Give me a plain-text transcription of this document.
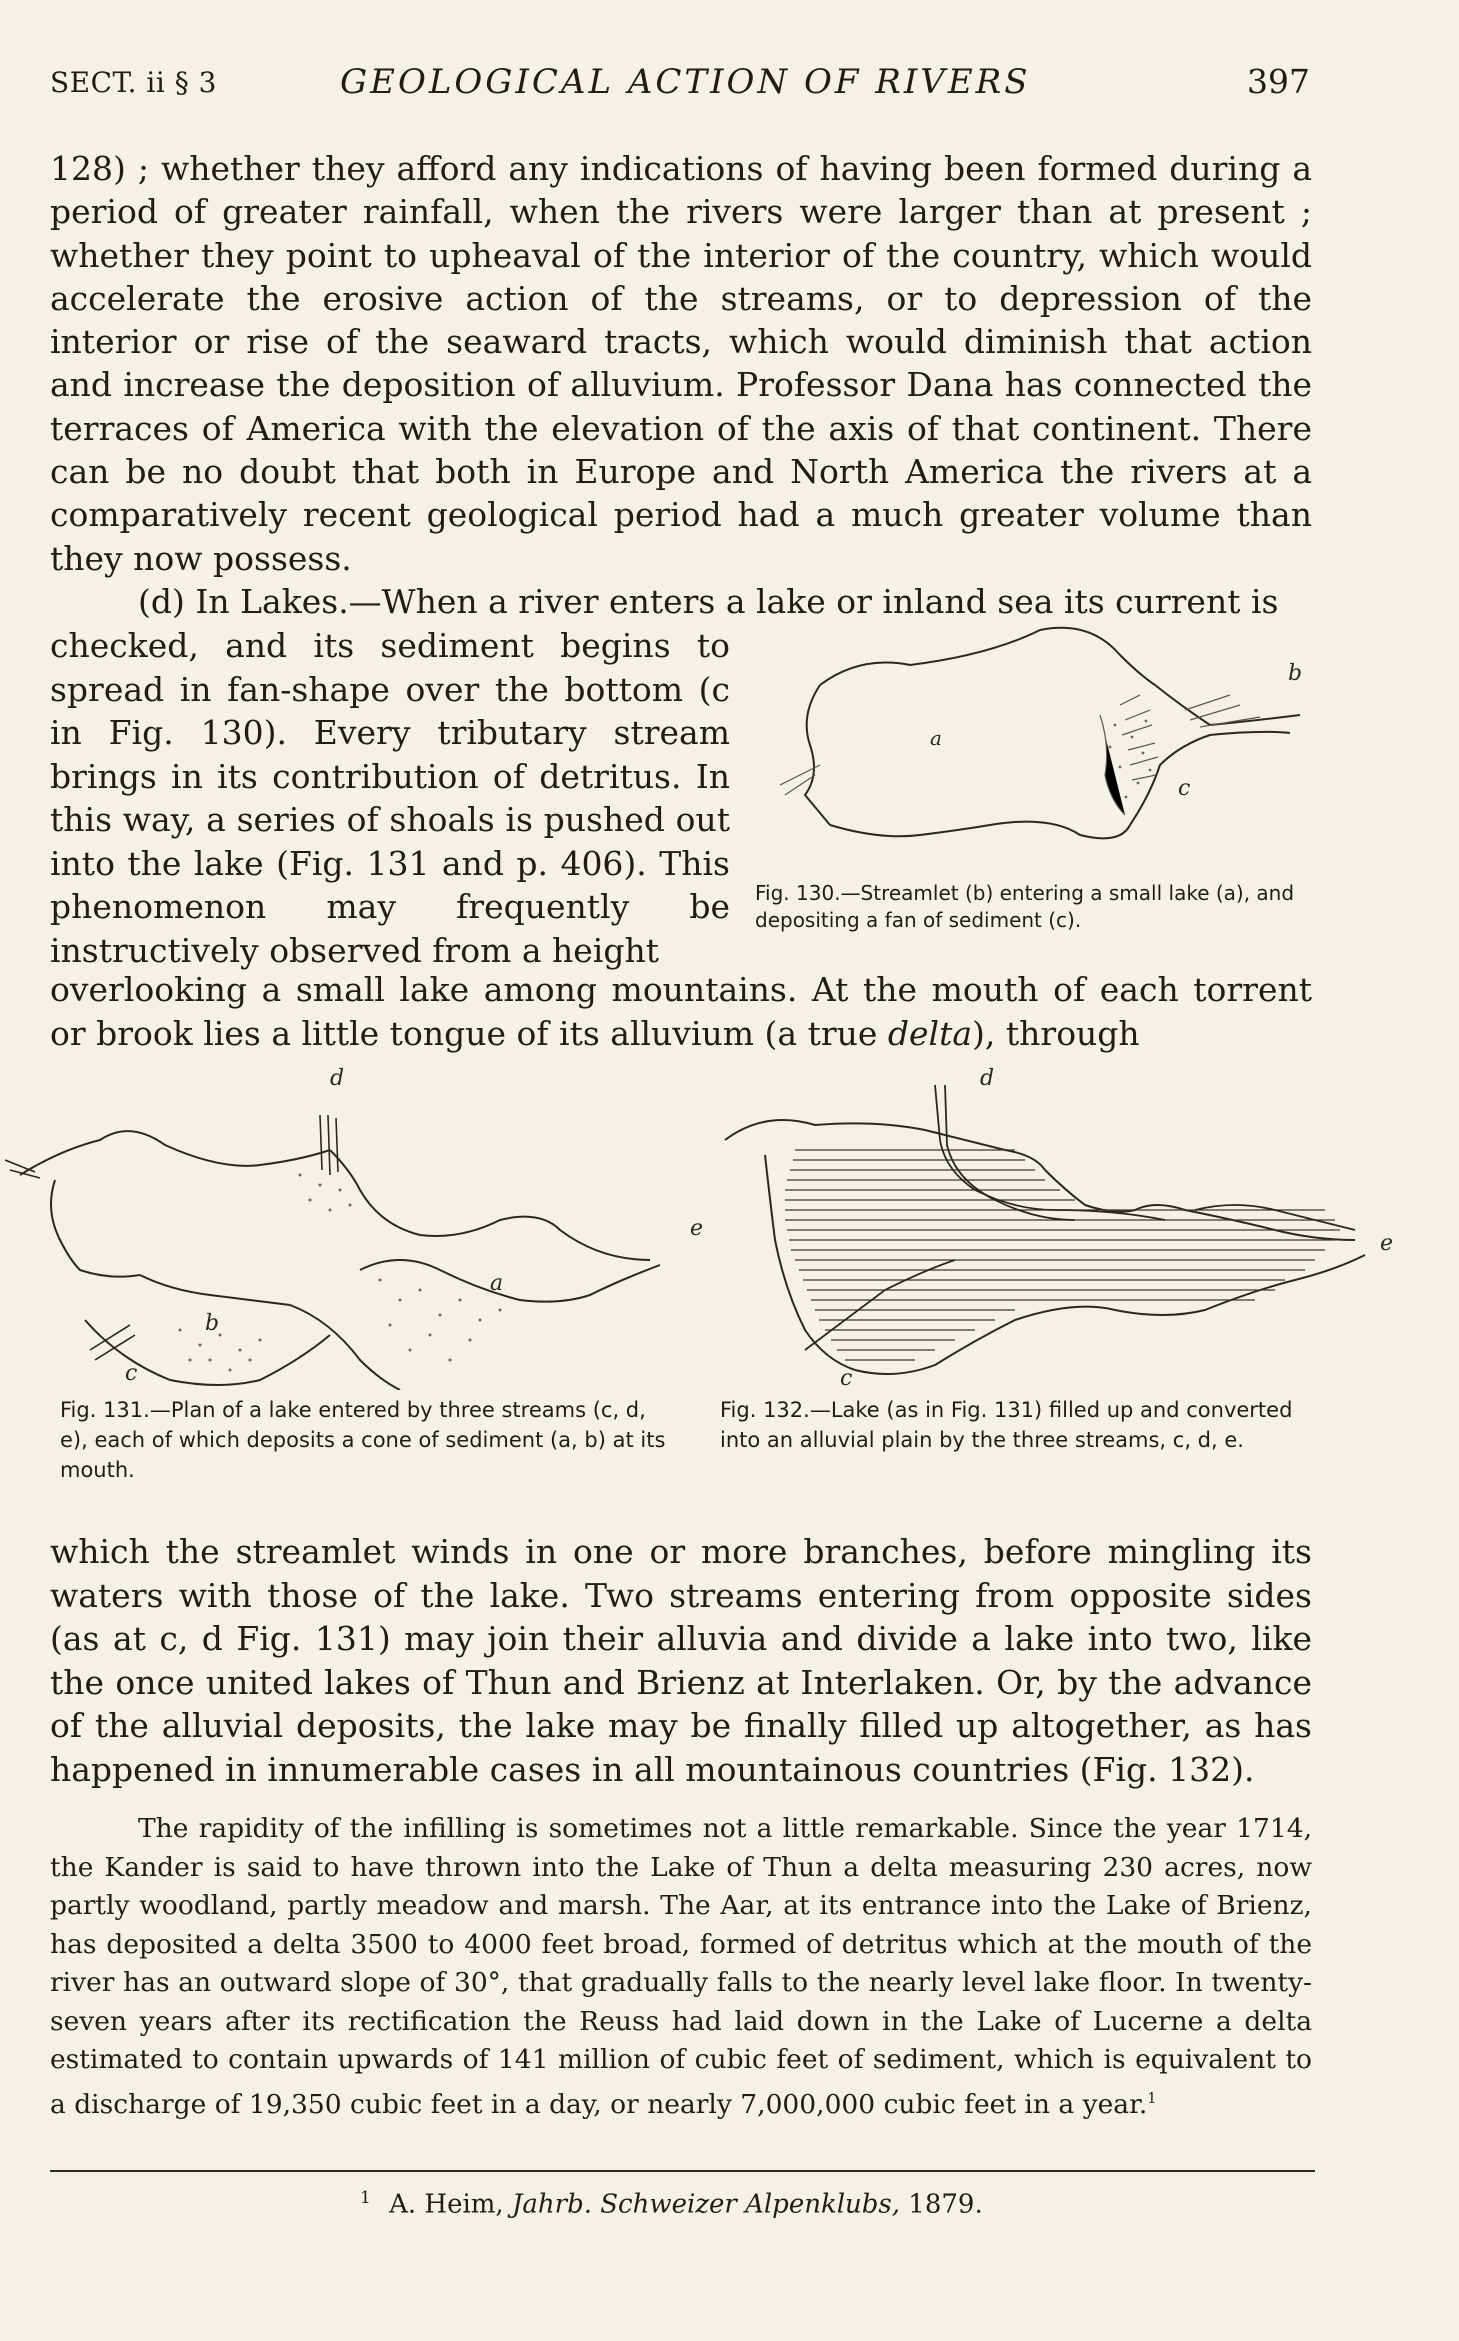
SECT. ii § 3	GEOLOGICAL ACTION OF RIVERS	397
128) ; whether they afford any indications of having been formed during a period of greater rainfall, when the rivers were larger than at present ; whether they point to upheaval of the interior of the country, which would accelerate the erosive action of the streams, or to depression of the interior or rise of the seaward tracts, which would diminish that action and increase the deposition of alluvium. Professor Dana has connected the terraces of America with the elevation of the axis of that continent. There can be no doubt that both in Europe and North America the rivers at a comparatively recent geological period had a much greater volume than they now possess.
(d) In Lakes.—When a river enters a lake or inland sea its current is
checked, and its sediment begins to spread in fan-shape over the bottom (c in Fig. 130). Every tributary stream brings in its contribution of detritus. In this way, a series of shoals is pushed out into the lake (Fig. 131 and p. 406). This phenomenon may frequently be instructively observed from a height
a
b
c
Fig. 130.—Streamlet (b) entering a small lake (a), and depositing a fan of sediment (c).
overlooking a small lake among mountains. At the mouth of each torrent or brook lies a little tongue of its alluvium (a true delta), through
d
e
a
b
c
d
e
c
Fig. 131.—Plan of a lake entered by three streams (c, d, e), each of which deposits a cone of sediment (a, b) at its mouth.
Fig. 132.—Lake (as in Fig. 131) filled up and converted into an alluvial plain by the three streams, c, d, e.
which the streamlet winds in one or more branches, before mingling its waters with those of the lake. Two streams entering from opposite sides (as at c, d Fig. 131) may join their alluvia and divide a lake into two, like the once united lakes of Thun and Brienz at Interlaken. Or, by the advance of the alluvial deposits, the lake may be finally filled up altogether, as has happened in innumerable cases in all mountainous countries (Fig. 132).
The rapidity of the infilling is sometimes not a little remarkable. Since the year 1714, the Kander is said to have thrown into the Lake of Thun a delta measuring 230 acres, now partly woodland, partly meadow and marsh. The Aar, at its entrance into the Lake of Brienz, has deposited a delta 3500 to 4000 feet broad, formed of detritus which at the mouth of the river has an outward slope of 30°, that gradually falls to the nearly level lake floor. In twenty-seven years after its rectification the Reuss had laid down in the Lake of Lucerne a delta estimated to contain upwards of 141 million of cubic feet of sediment, which is equivalent to a discharge of 19,350 cubic feet in a day, or nearly 7,000,000 cubic feet in a year.$^1$
$^1$ A. Heim, Jahrb. Schweizer Alpenklubs, 1879.
